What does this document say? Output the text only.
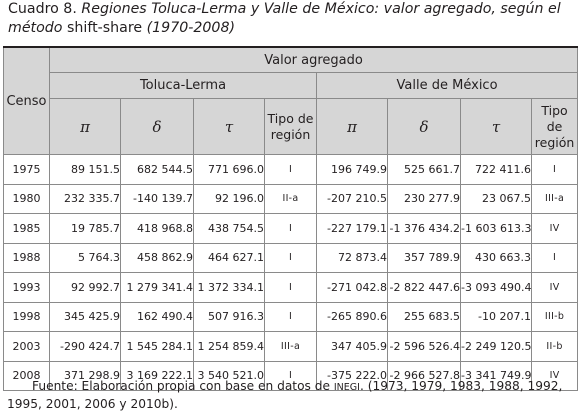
Cuadro 8. Regiones Toluca-Lerma y Valle de México: valor agregado, según el método shift-share (1970-2008)
Censo	Valor agregado							
	Toluca-Lerma				Valle de México			
	π	δ	τ	Tipo de región	π	δ	τ	Tipo de región
1975	89 151.5	682 544.5	771 696.0	I	196 749.9	525 661.7	722 411.6	I
1980	232 335.7	-140 139.7	92 196.0	II-a	-207 210.5	230 277.9	23 067.5	III-a
1985	19 785.7	418 968.8	438 754.5	I	-227 179.1	-1 376 434.2	-1 603 613.3	IV
1988	5 764.3	458 862.9	464 627.1	I	72 873.4	357 789.9	430 663.3	I
1993	92 992.7	1 279 341.4	1 372 334.1	I	-271 042.8	-2 822 447.6	-3 093 490.4	IV
1998	345 425.9	162 490.4	507 916.3	I	-265 890.6	255 683.5	-10 207.1	III-b
2003	-290 424.7	1 545 284.1	1 254 859.4	III-a	347 405.9	-2 596 526.4	-2 249 120.5	II-b
2008	371 298.9	3 169 222.1	3 540 521.0	I	-375 222.0	-2 966 527.8	-3 341 749.9	IV
Fuente: Elaboración propia con base en datos de INEGI. (1973, 1979, 1983, 1988, 1992, 1995, 2001, 2006 y 2010b).
